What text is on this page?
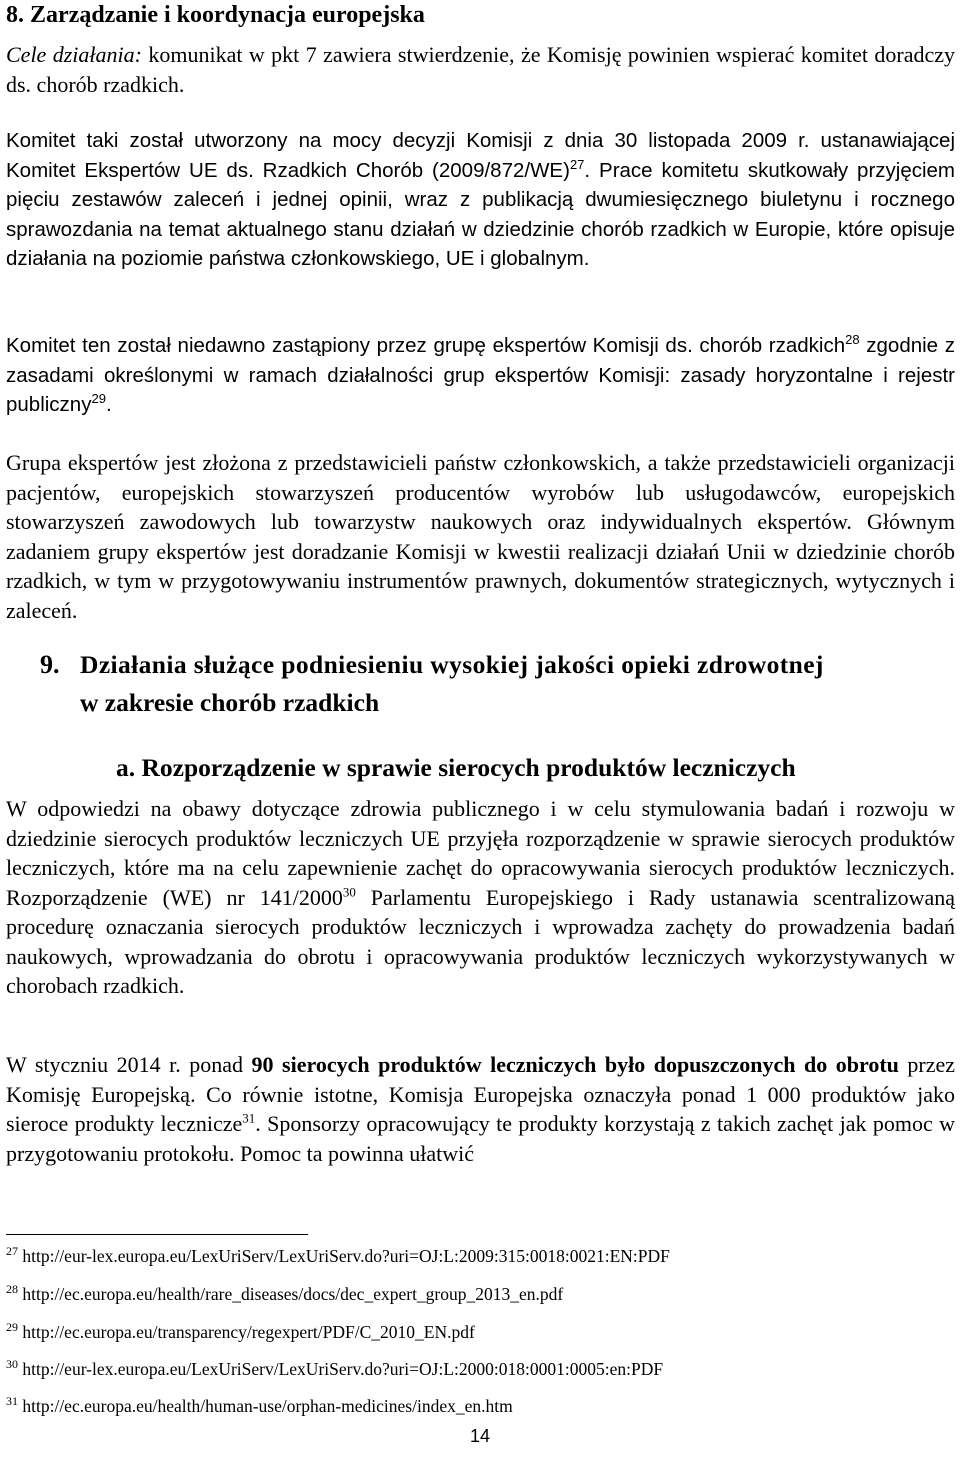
8. Zarządzanie i koordynacja europejska

Cele działania: komunikat w pkt 7 zawiera stwierdzenie, że Komisję powinien wspierać komitet doradczy ds. chorób rzadkich.

Komitet taki został utworzony na mocy decyzji Komisji z dnia 30 listopada 2009 r. ustanawiającej Komitet Ekspertów UE ds. Rzadkich Chorób $(2009/872/WE)^{27}$. Prace komitetu skutkowały przyjęciem pięciu zestawów zaleceń i jednej opinii, wraz z publikacją dwumiesięcznego biuletynu i rocznego sprawozdania na temat aktualnego stanu działań w dziedzinie chorób rzadkich w Europie, które opisuje działania na poziomie państwa członkowskiego, UE i globalnym.

Komitet ten został niedawno zastąpiony przez grupę ekspertów Komisji ds. chorób rzadkich$^{28}$ zgodnie z zasadami określonymi w ramach działalności grup ekspertów Komisji: zasady horyzontalne i rejestr publiczny$^{29}$.

Grupa ekspertów jest złożona z przedstawicieli państw członkowskich, a także przedstawicieli organizacji pacjentów, europejskich stowarzyszeń producentów wyrobów lub usługodawców, europejskich stowarzyszeń zawodowych lub towarzystw naukowych oraz indywidualnych ekspertów. Głównym zadaniem grupy ekspertów jest doradzanie Komisji w kwestii realizacji działań Unii w dziedzinie chorób rzadkich, w tym w przygotowywaniu instrumentów prawnych, dokumentów strategicznych, wytycznych i zaleceń.

9. Działania służące podniesieniu wysokiej jakości opieki zdrowotnej
w zakresie chorób rzadkich
a. Rozporządzenie w sprawie sierocych produktów leczniczych

W odpowiedzi na obawy dotyczące zdrowia publicznego i w celu stymulowania badań i rozwoju w dziedzinie sierocych produktów leczniczych UE przyjęła rozporządzenie w sprawie sierocych produktów leczniczych, które ma na celu zapewnienie zachęt do opracowywania sierocych produktów leczniczych. Rozporządzenie (WE) nr 141/2000$^{30}$ Parlamentu Europejskiego i Rady ustanawia scentralizowaną procedurę oznaczania sierocych produktów leczniczych i wprowadza zachęty do prowadzenia badań naukowych, wprowadzania do obrotu i opracowywania produktów leczniczych wykorzystywanych w chorobach rzadkich.

W styczniu 2014 r. ponad 90 sierocych produktów leczniczych było dopuszczonych do obrotu przez Komisję Europejską. Co równie istotne, Komisja Europejska oznaczyła ponad 1 000 produktów jako sieroce produkty lecznicze$^{31}$. Sponsorzy opracowujący te produkty korzystają z takich zachęt jak pomoc w przygotowaniu protokołu. Pomoc ta powinna ułatwić

$^{27}$ http://eur-lex.europa.eu/LexUriServ/LexUriServ.do?uri=OJ:L:2009:315:0018:0021:EN:PDF
$^{28}$ http://ec.europa.eu/health/rare_diseases/docs/dec_expert_group_2013_en.pdf
$^{29}$ http://ec.europa.eu/transparency/regexpert/PDF/C_2010_EN.pdf
$^{30}$ http://eur-lex.europa.eu/LexUriServ/LexUriServ.do?uri=OJ:L:2000:018:0001:0005:en:PDF
$^{31}$ http://ec.europa.eu/health/human-use/orphan-medicines/index_en.htm
14
